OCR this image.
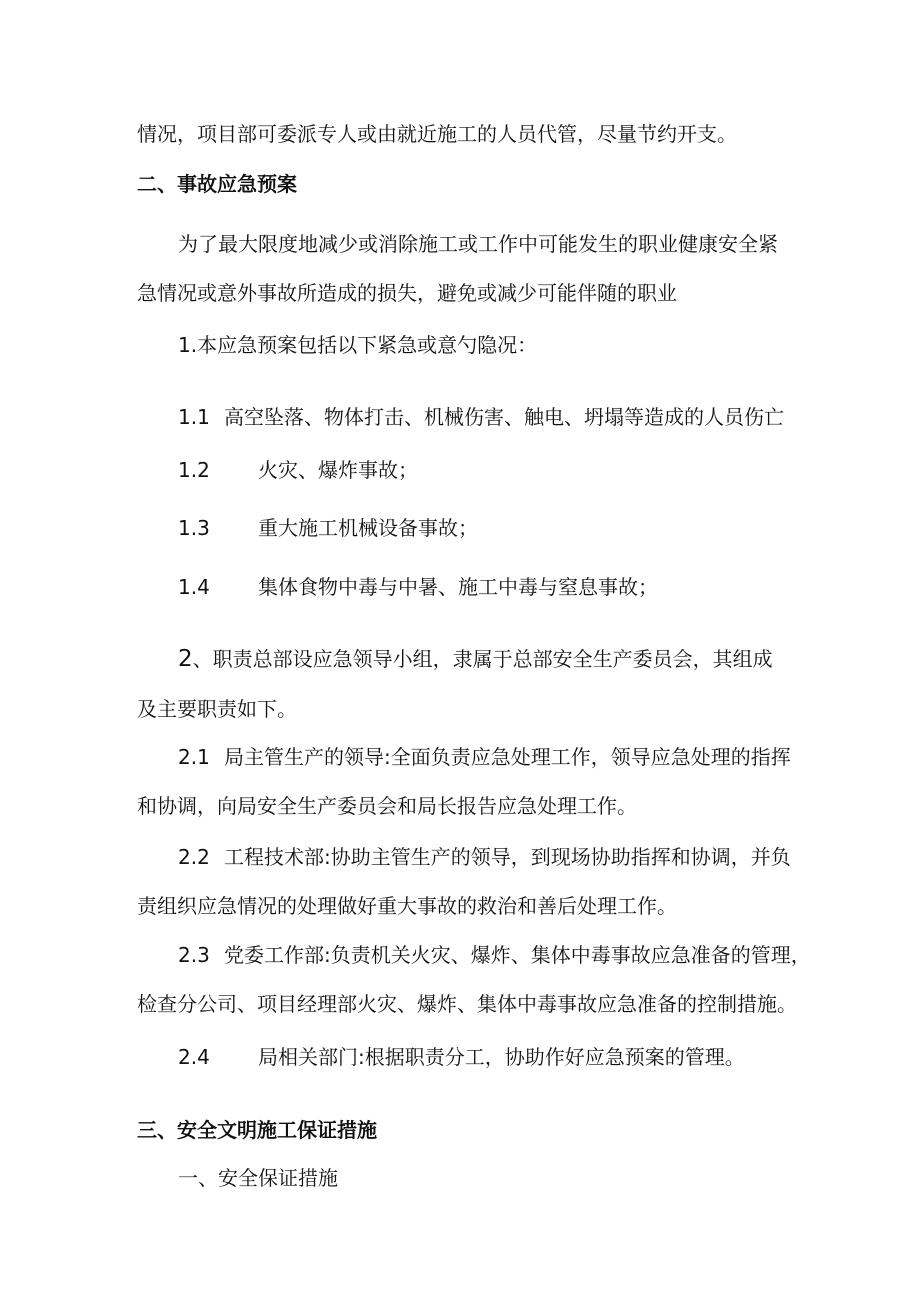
情况，项目部可委派专人或由就近施工的人员代管，尽量节约开支。
二、事故应急预案
为了最大限度地减少或消除施工或工作中可能发生的职业健康安全紧
急情况或意外事故所造成的损失，避免或减少可能伴随的职业
1.本应急预案包括以下紧急或意勺隐况：
1.1 高空坠落、物体打击、机械伤害、触电、坍塌等造成的人员伤亡
1.2 火灾、爆炸事故；
1.3 重大施工机械设备事故；
1.4 集体食物中毒与中暑、施工中毒与窒息事故；
2、职责总部设应急领导小组，隶属于总部安全生产委员会，其组成
及主要职责如下。
2.1 局主管生产的领导:全面负责应急处理工作，领导应急处理的指挥
和协调，向局安全生产委员会和局长报告应急处理工作。
2.2 工程技术部:协助主管生产的领导，到现场协助指挥和协调，并负
责组织应急情况的处理做好重大事故的救治和善后处理工作。
2.3 党委工作部:负责机关火灾、爆炸、集体中毒事故应急准备的管理，
检查分公司、项目经理部火灾、爆炸、集体中毒事故应急准备的控制措施。
2.4 局相关部门:根据职责分工，协助作好应急预案的管理。
三、安全文明施工保证措施
一、安全保证措施
